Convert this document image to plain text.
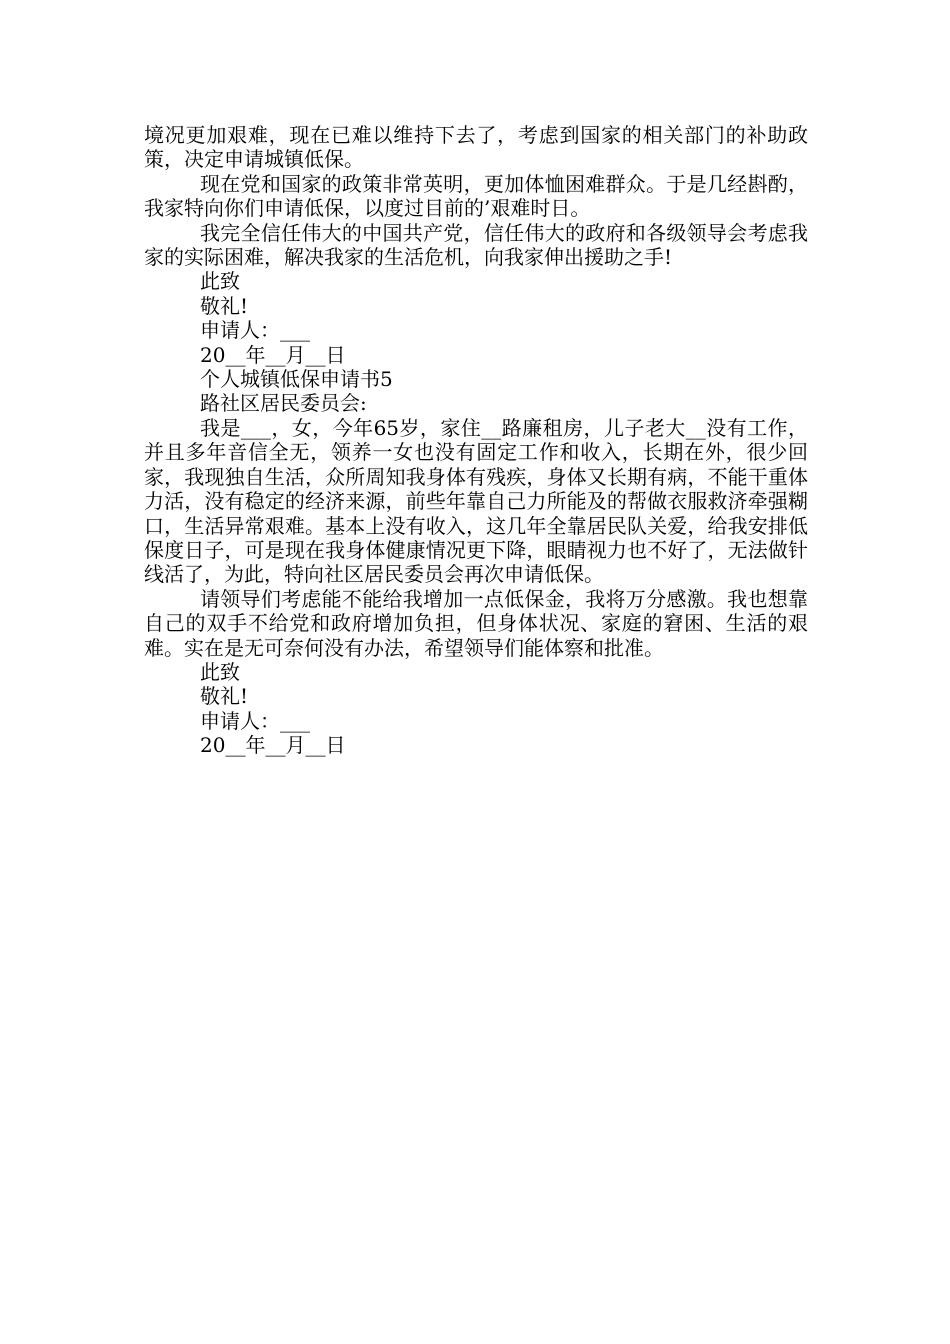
境况更加艰难，现在已难以维持下去了，考虑到国家的相关部门的补助政策，决定申请城镇低保。

现在党和国家的政策非常英明，更加体恤困难群众。于是几经斟酌，我家特向你们申请低保，以度过目前的’艰难时日。

我完全信任伟大的中国共产党，信任伟大的政府和各级领导会考虑我家的实际困难，解决我家的生活危机，向我家伸出援助之手!

此致

敬礼!

申请人：___

20__年__月__日

个人城镇低保申请书5

路社区居民委员会:

我是___，女，今年65岁，家住__路廉租房，儿子老大__没有工作，并且多年音信全无，领养一女也没有固定工作和收入，长期在外，很少回家，我现独自生活，众所周知我身体有残疾，身体又长期有病，不能干重体力活，没有稳定的经济来源，前些年靠自己力所能及的帮做衣服救济牵强糊口，生活异常艰难。基本上没有收入，这几年全靠居民队关爱，给我安排低保度日子，可是现在我身体健康情况更下降，眼睛视力也不好了，无法做针线活了，为此，特向社区居民委员会再次申请低保。

请领导们考虑能不能给我增加一点低保金，我将万分感激。我也想靠自己的双手不给党和政府增加负担，但身体状况、家庭的窘困、生活的艰难。实在是无可奈何没有办法，希望领导们能体察和批准。

此致

敬礼!

申请人：___

20__年__月__日
